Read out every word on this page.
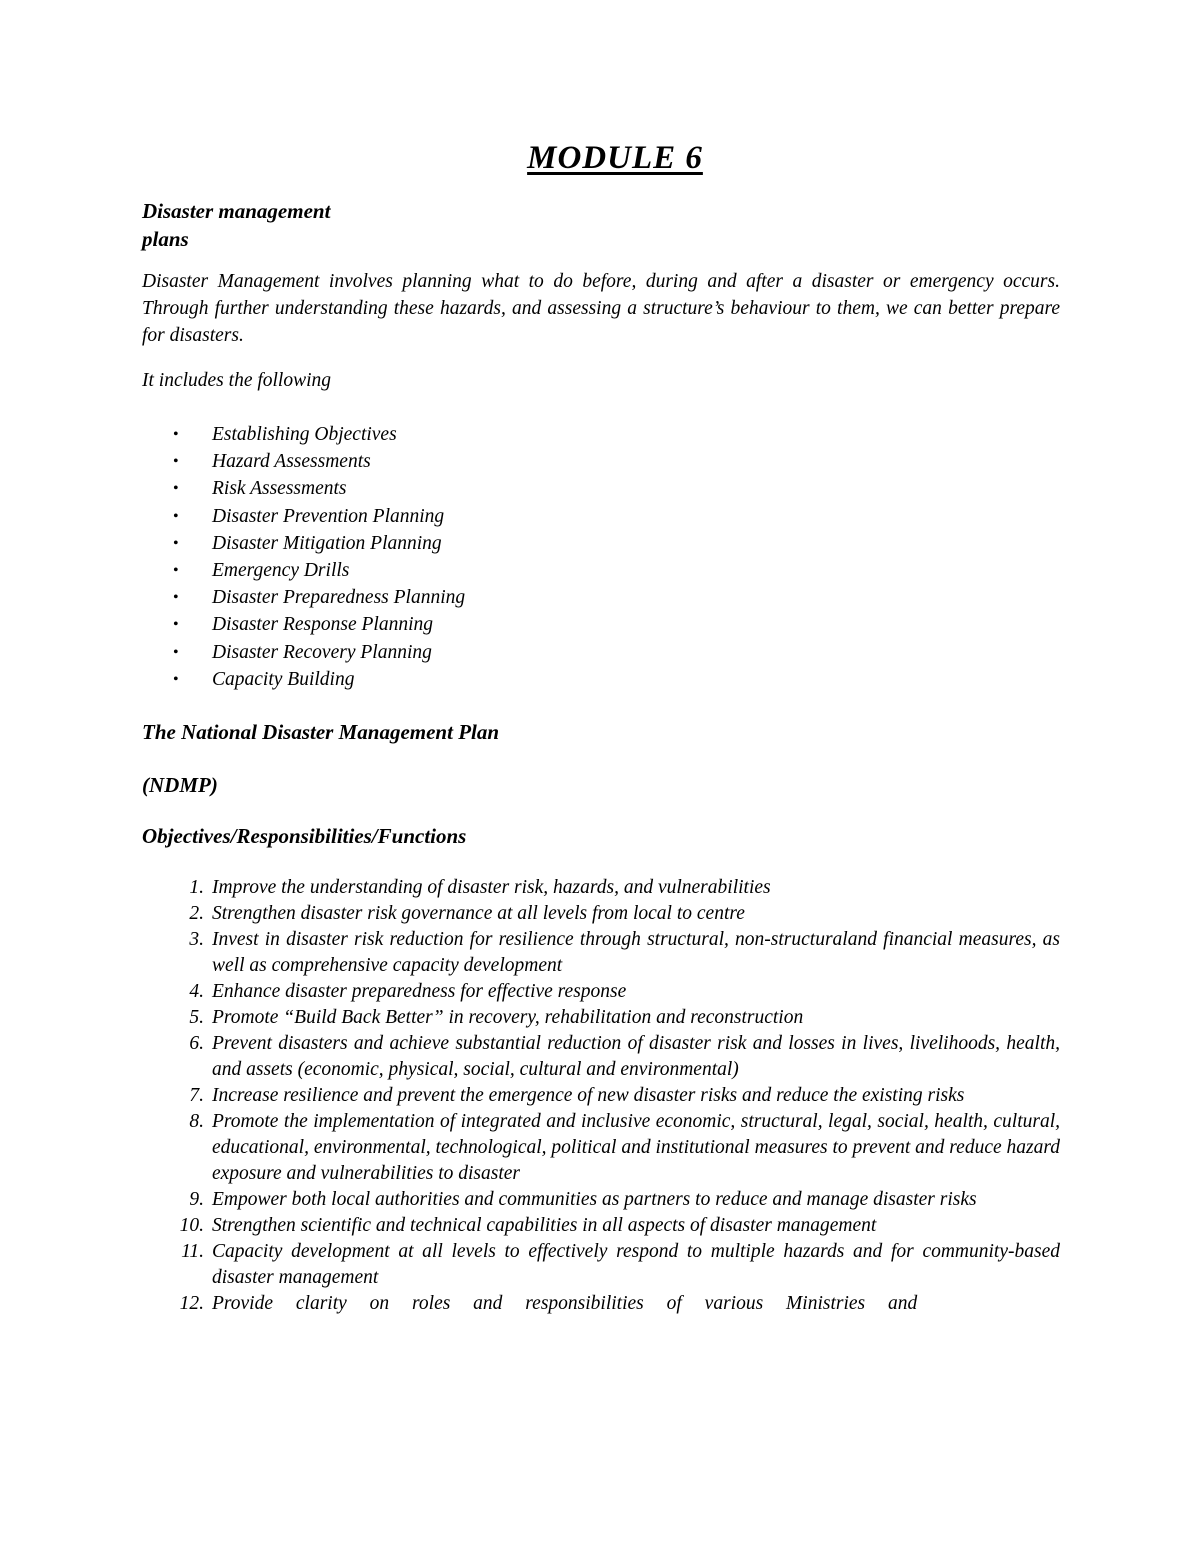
MODULE 6
Disaster management
plans

Disaster Management involves planning what to do before, during and after a disaster or emergency occurs. Through further understanding these hazards, and assessing a structure’s behaviour to them, we can better prepare for disasters.

It includes the following

• Establishing Objectives
• Hazard Assessments
• Risk Assessments
• Disaster Prevention Planning
• Disaster Mitigation Planning
• Emergency Drills
• Disaster Preparedness Planning
• Disaster Response Planning
• Disaster Recovery Planning
• Capacity Building
The National Disaster Management Plan
(NDMP)
Objectives/Responsibilities/Functions
1. Improve the understanding of disaster risk, hazards, and vulnerabilities
2. Strengthen disaster risk governance at all levels from local to centre
3. Invest in disaster risk reduction for resilience through structural, non-structuraland financial measures, as well as comprehensive capacity development
4. Enhance disaster preparedness for effective response
5. Promote “Build Back Better” in recovery, rehabilitation and reconstruction
6. Prevent disasters and achieve substantial reduction of disaster risk and losses in lives, livelihoods, health, and assets (economic, physical, social, cultural and environmental)
7. Increase resilience and prevent the emergence of new disaster risks and reduce the existing risks
8. Promote the implementation of integrated and inclusive economic, structural, legal, social, health, cultural, educational, environmental, technological, political and institutional measures to prevent and reduce hazard exposure and vulnerabilities to disaster
9. Empower both local authorities and communities as partners to reduce and manage disaster risks
10. Strengthen scientific and technical capabilities in all aspects of disaster management
11. Capacity development at all levels to effectively respond to multiple hazards and for community-based disaster management
12. Provide clarity on roles and responsibilities of various Ministries and
